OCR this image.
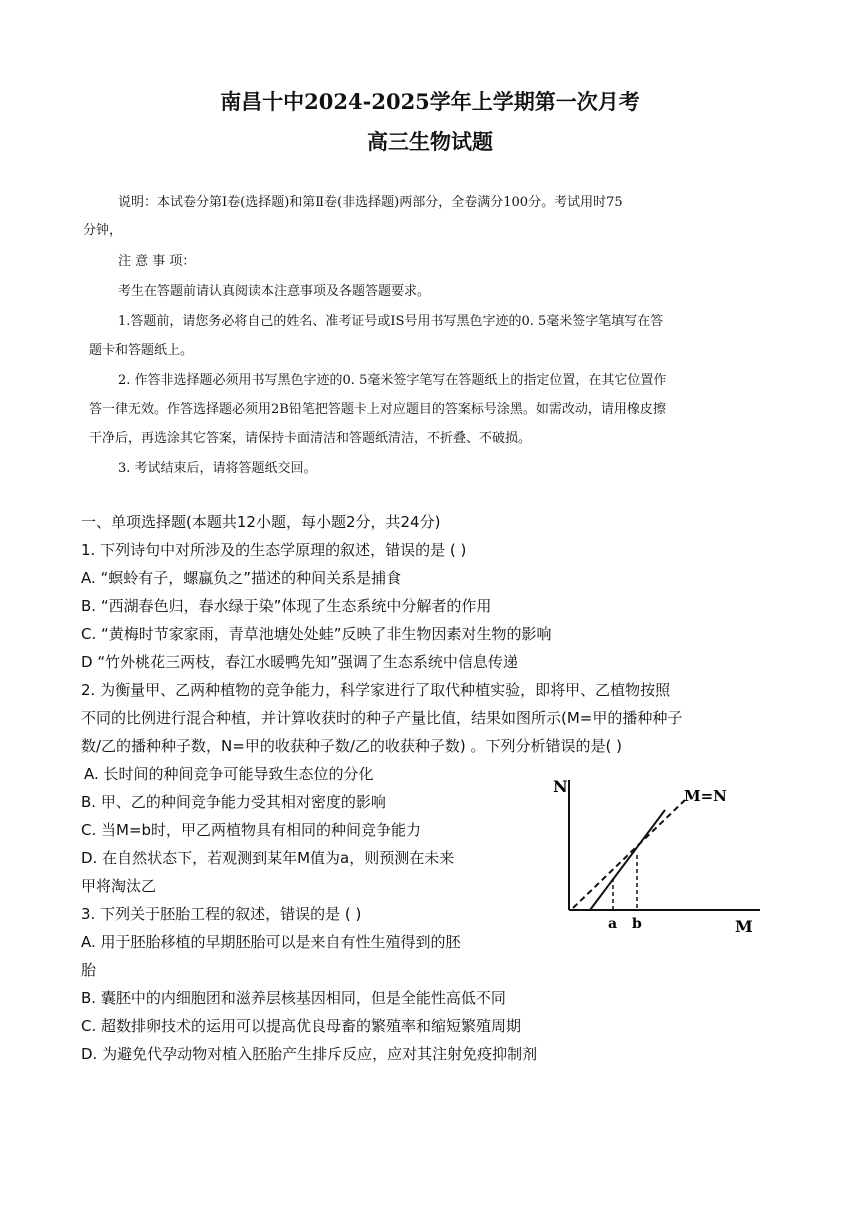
南昌十中2024-2025学年上学期第一次月考
高三生物试题
说明：本试卷分第Ⅰ卷(选择题)和第Ⅱ卷(非选择题)两部分，全卷满分100分。考试用时75
分钟，
注 意 事 项：
考生在答题前请认真阅读本注意事项及各题答题要求。
1.答题前，请您务必将自己的姓名、准考证号或IS号用书写黑色字迹的0. 5毫米签字笔填写在答
题卡和答题纸上。
2. 作答非选择题必须用书写黑色字迹的0. 5毫米签字笔写在答题纸上的指定位置，在其它位置作
答一律无效。作答选择题必须用2B铅笔把答题卡上对应题目的答案标号涂黑。如需改动，请用橡皮擦
干净后，再选涂其它答案，请保持卡面清洁和答题纸清洁，不折叠、不破损。
3. 考试结束后，请将答题纸交回。
一、单项选择题(本题共12小题，每小题2分，共24分)
1. 下列诗句中对所涉及的生态学原理的叙述，错误的是 ( )
A. “螟蛉有子，螺蠃负之”描述的种间关系是捕食
B. “西湖春色归，春水绿于染”体现了生态系统中分解者的作用
C. “黄梅时节家家雨，青草池塘处处蛙”反映了非生物因素对生物的影响
D “竹外桃花三两枝，春江水暖鸭先知”强调了生态系统中信息传递
2. 为衡量甲、乙两种植物的竞争能力，科学家进行了取代种植实验，即将甲、乙植物按照
不同的比例进行混合种植，并计算收获时的种子产量比值，结果如图所示(M=甲的播种种子
数/乙的播种种子数，N=甲的收获种子数/乙的收获种子数) 。下列分析错误的是( )
A. 长时间的种间竞争可能导致生态位的分化
B. 甲、乙的种间竞争能力受其相对密度的影响
C. 当M=b时，甲乙两植物具有相同的种间竞争能力
D. 在自然状态下，若观测到某年M值为a，则预测在未来
甲将淘汰乙
3. 下列关于胚胎工程的叙述，错误的是 ( )
A. 用于胚胎移植的早期胚胎可以是来自有性生殖得到的胚
胎
B. 囊胚中的内细胞团和滋养层核基因相同，但是全能性高低不同
C. 超数排卵技术的运用可以提高优良母畜的繁殖率和缩短繁殖周期
D. 为避免代孕动物对植入胚胎产生排斥反应，应对其注射免疫抑制剂
N
M
M=N
a b
